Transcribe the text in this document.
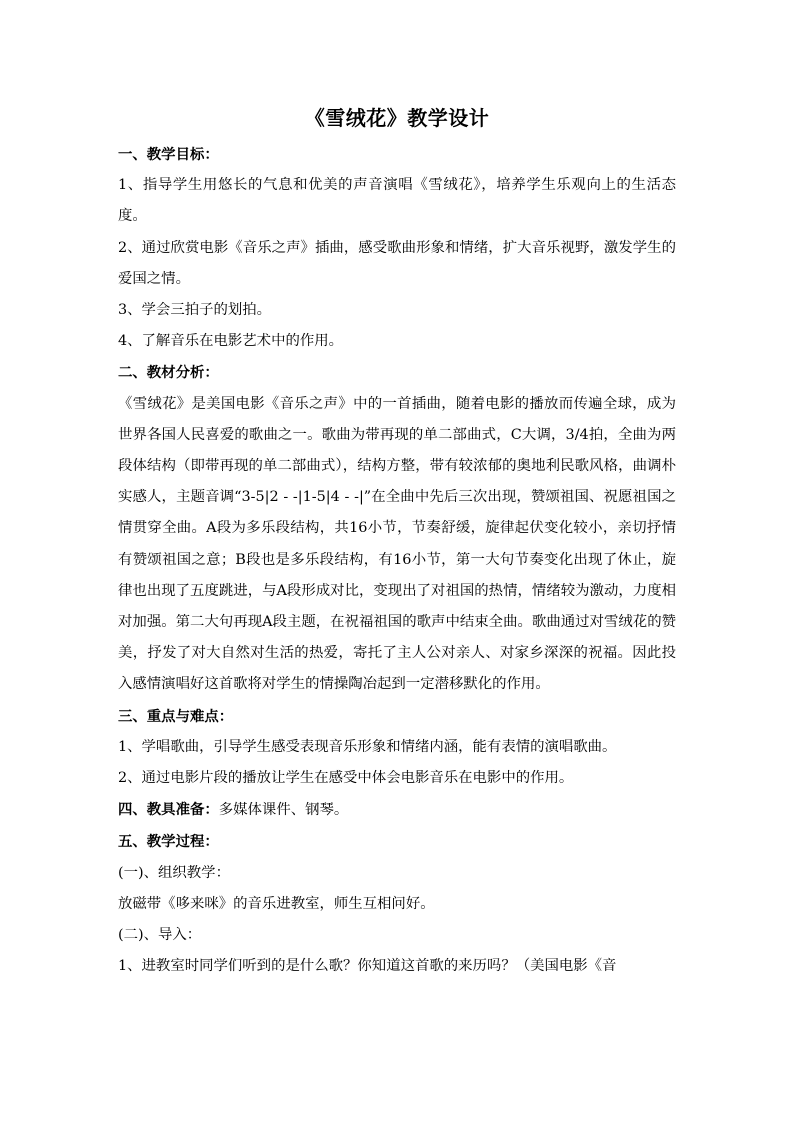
《雪绒花》教学设计

一、教学目标：

1、指导学生用悠长的气息和优美的声音演唱《雪绒花》，培养学生乐观向上的生活态度。

2、通过欣赏电影《音乐之声》插曲，感受歌曲形象和情绪，扩大音乐视野，激发学生的爱国之情。

3、学会三拍子的划拍。

4、了解音乐在电影艺术中的作用。

二、教材分析：

《雪绒花》是美国电影《音乐之声》中的一首插曲，随着电影的播放而传遍全球，成为世界各国人民喜爱的歌曲之一。歌曲为带再现的单二部曲式，C大调，3/4拍，全曲为两段体结构（即带再现的单二部曲式），结构方整，带有较浓郁的奥地利民歌风格，曲调朴实感人，主题音调“3-5|2 - -|1-5|4 - -|”在全曲中先后三次出现，赞颂祖国、祝愿祖国之情贯穿全曲。A段为多乐段结构，共16小节，节奏舒缓，旋律起伏变化较小，亲切抒情有赞颂祖国之意；B段也是多乐段结构，有16小节，第一大句节奏变化出现了休止，旋律也出现了五度跳进，与A段形成对比，变现出了对祖国的热情，情绪较为激动，力度相对加强。第二大句再现A段主题，在祝福祖国的歌声中结束全曲。歌曲通过对雪绒花的赞美，抒发了对大自然对生活的热爱，寄托了主人公对亲人、对家乡深深的祝福。因此投入感情演唱好这首歌将对学生的情操陶冶起到一定潜移默化的作用。

三、重点与难点：

1、学唱歌曲，引导学生感受表现音乐形象和情绪内涵，能有表情的演唱歌曲。

2、通过电影片段的播放让学生在感受中体会电影音乐在电影中的作用。

四、教具准备：多媒体课件、钢琴。

五、教学过程：

(一)、组织教学：

放磁带《哆来咪》的音乐进教室，师生互相问好。

(二)、导入：

1、进教室时同学们听到的是什么歌？你知道这首歌的来历吗？（美国电影《音
